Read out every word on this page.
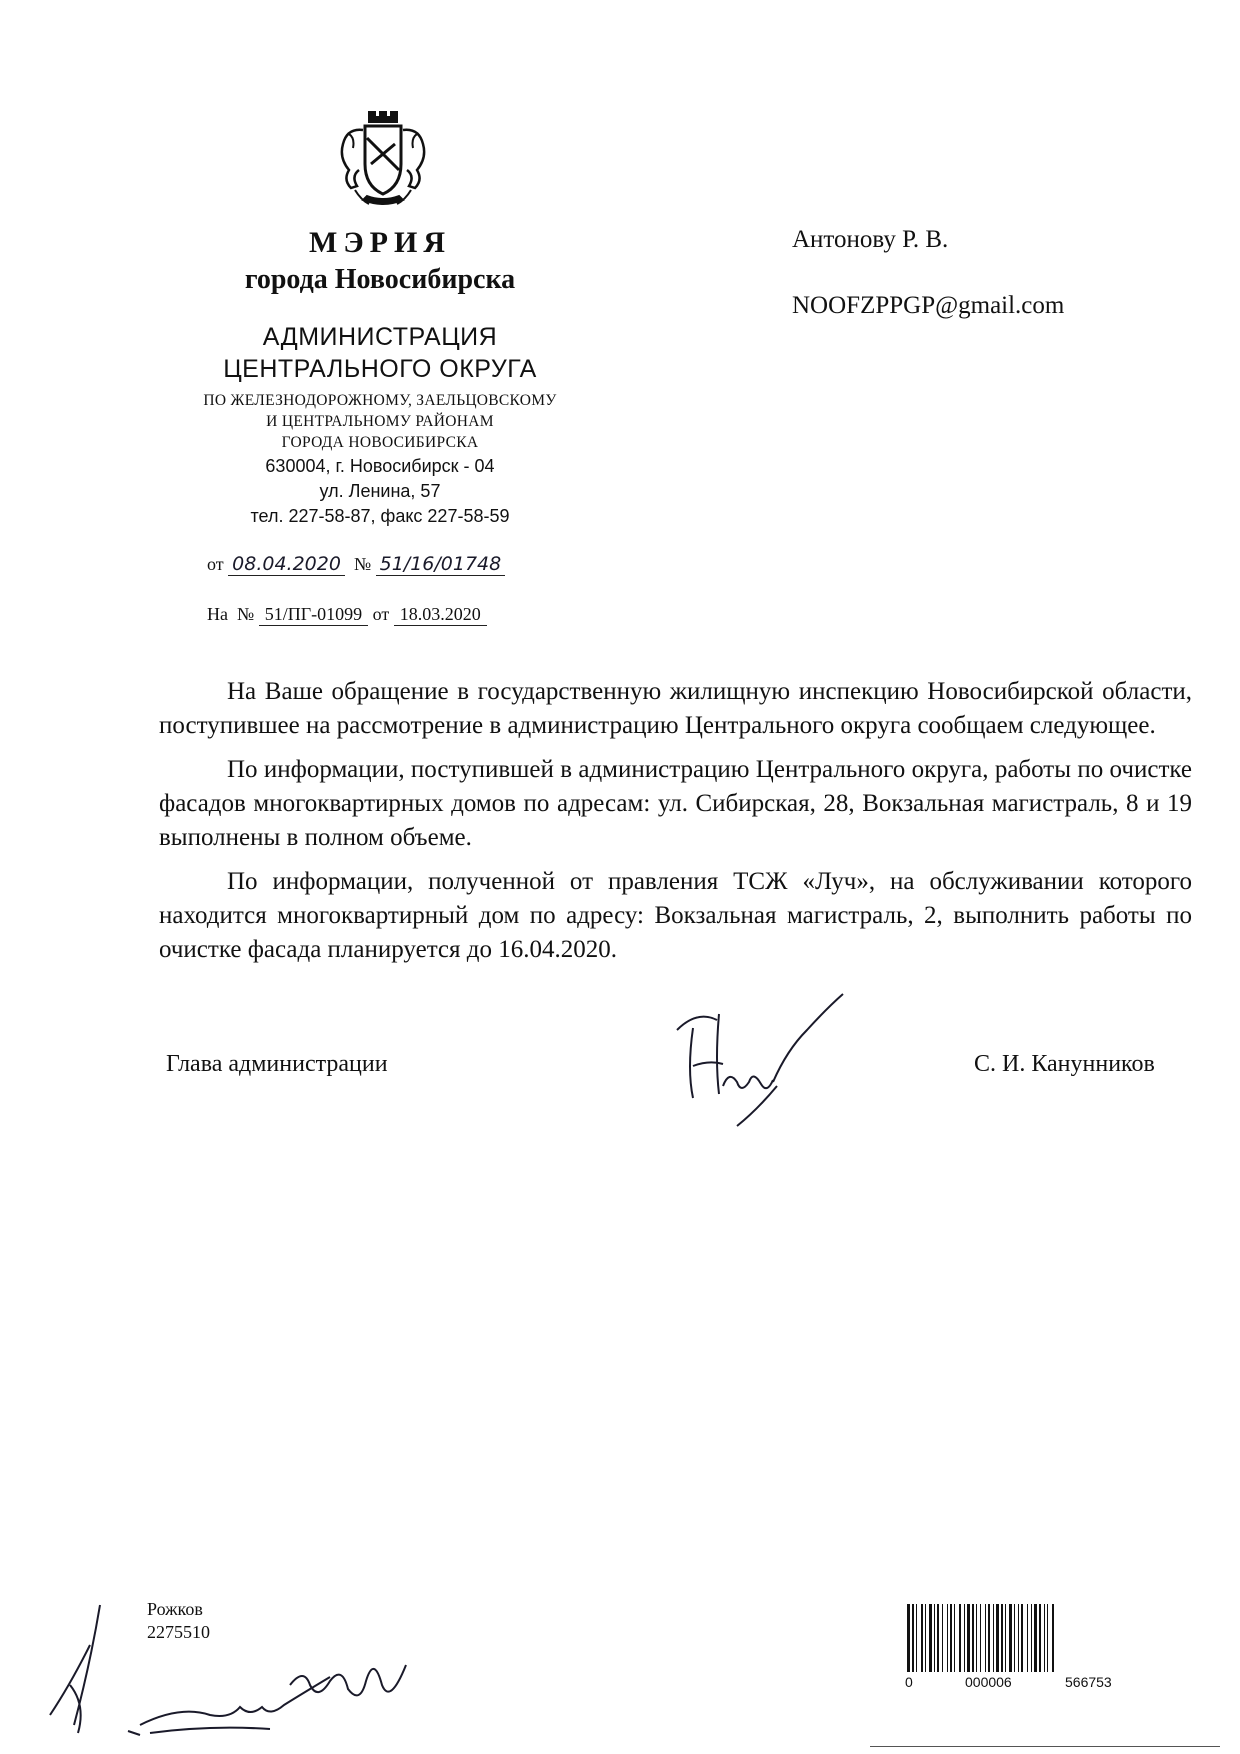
МЭРИЯ
города Новосибирска
АДМИНИСТРАЦИЯ
ЦЕНТРАЛЬНОГО ОКРУГА
ПО ЖЕЛЕЗНОДОРОЖНОМУ, ЗАЕЛЬЦОВСКОМУ
И ЦЕНТРАЛЬНОМУ РАЙОНАМ
ГОРОДА НОВОСИБИРСКА
630004, г. Новосибирск - 04
ул. Ленина, 57
тел. 227-58-87, факс 227-58-59
от 08.04.2020 № 51/16/01748
На № 51/ПГ-01099 от 18.03.2020
Антонову Р. В.
NOOFZPPGP@gmail.com

На Ваше обращение в государственную жилищную инспекцию Новосибирской области, поступившее на рассмотрение в администрацию Центрального округа сообщаем следующее.

По информации, поступившей в администрацию Центрального округа, работы по очистке фасадов многоквартирных домов по адресам: ул. Сибирская, 28, Вокзальная магистраль, 8 и 19 выполнены в полном объеме.

По информации, полученной от правления ТСЖ «Луч», на обслуживании которого находится многоквартирный дом по адресу: Вокзальная магистраль, 2, выполнить работы по очистке фасада планируется до 16.04.2020.

Глава администрации	С. И. Канунников
Рожков
2275510
0	000006	566753
